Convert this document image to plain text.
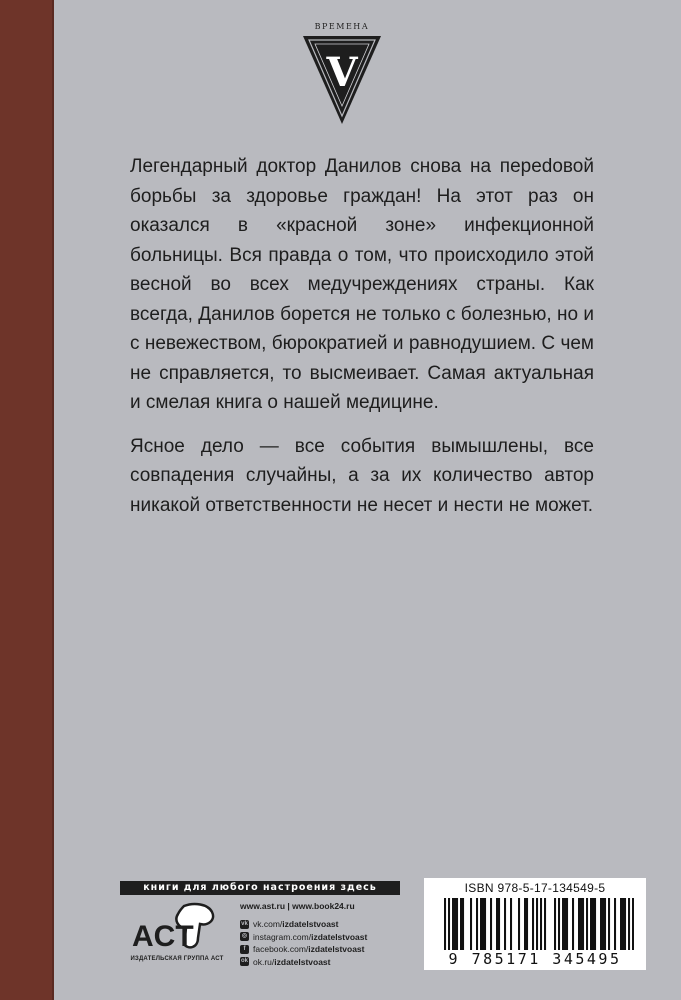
ВРЕМЕНА
V

Легендарный доктор Данилов снова на переdовой борьбы за здоровье граждан! На этот раз он оказался в «красной зоне» инфекционной больницы. Вся правда о том, что происходило этой весной во всех медучреждениях страны. Как всегда, Данилов борется не только с болезнью, но и с невежеством, бюрократией и равнодушием. С чем не справляется, то высмеивает. Самая актуальная и смелая книга о нашей медицине.

Ясное дело — все события вымышлены, все совпадения случайны, а за их количество автор никакой ответственности не несет и нести не может.

книги для любого настроения здесь
ACT
ИЗДАТЕЛЬСКАЯ ГРУППА АСТ
www.ast.ru | www.book24.ru
vk vk.com/ izdatelstvoast
◎ instagram.com/ izdatelstvoast
f facebook.com/ izdatelstvoast
ok ok.ru/ izdatelstvoast
ISBN 978-5-17-134549-5
9 785171 345495
